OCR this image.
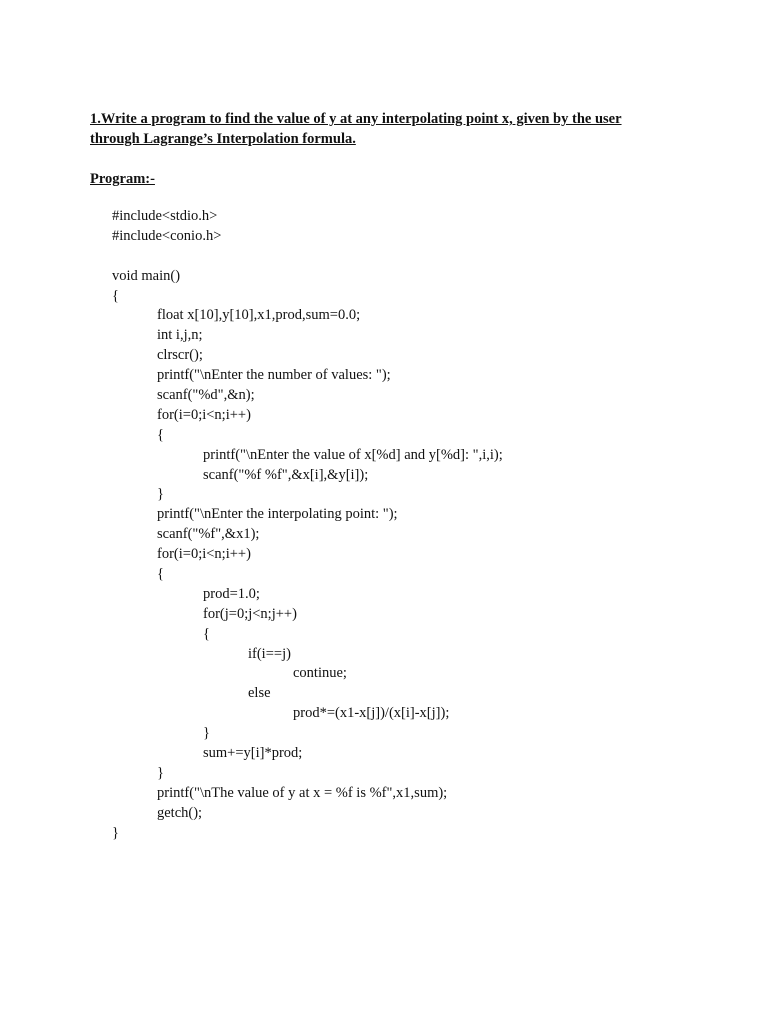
1.Write a program to find the value of y at any interpolating point x, given by the user
through Lagrange’s Interpolation formula.
Program:-
#include<stdio.h>
#include<conio.h>
void main()
{
float x[10],y[10],x1,prod,sum=0.0;
int i,j,n;
clrscr();
printf("\nEnter the number of values: ");
scanf("%d",&n);
for(i=0;i<n;i++)
{
printf("\nEnter the value of x[%d] and y[%d]: ",i,i);
scanf("%f %f",&x[i],&y[i]);
}
printf("\nEnter the interpolating point: ");
scanf("%f",&x1);
for(i=0;i<n;i++)
{
prod=1.0;
for(j=0;j<n;j++)
{
if(i==j)
continue;
else
prod*=(x1-x[j])/(x[i]-x[j]);
}
sum+=y[i]*prod;
}
printf("\nThe value of y at x = %f is %f",x1,sum);
getch();
}
